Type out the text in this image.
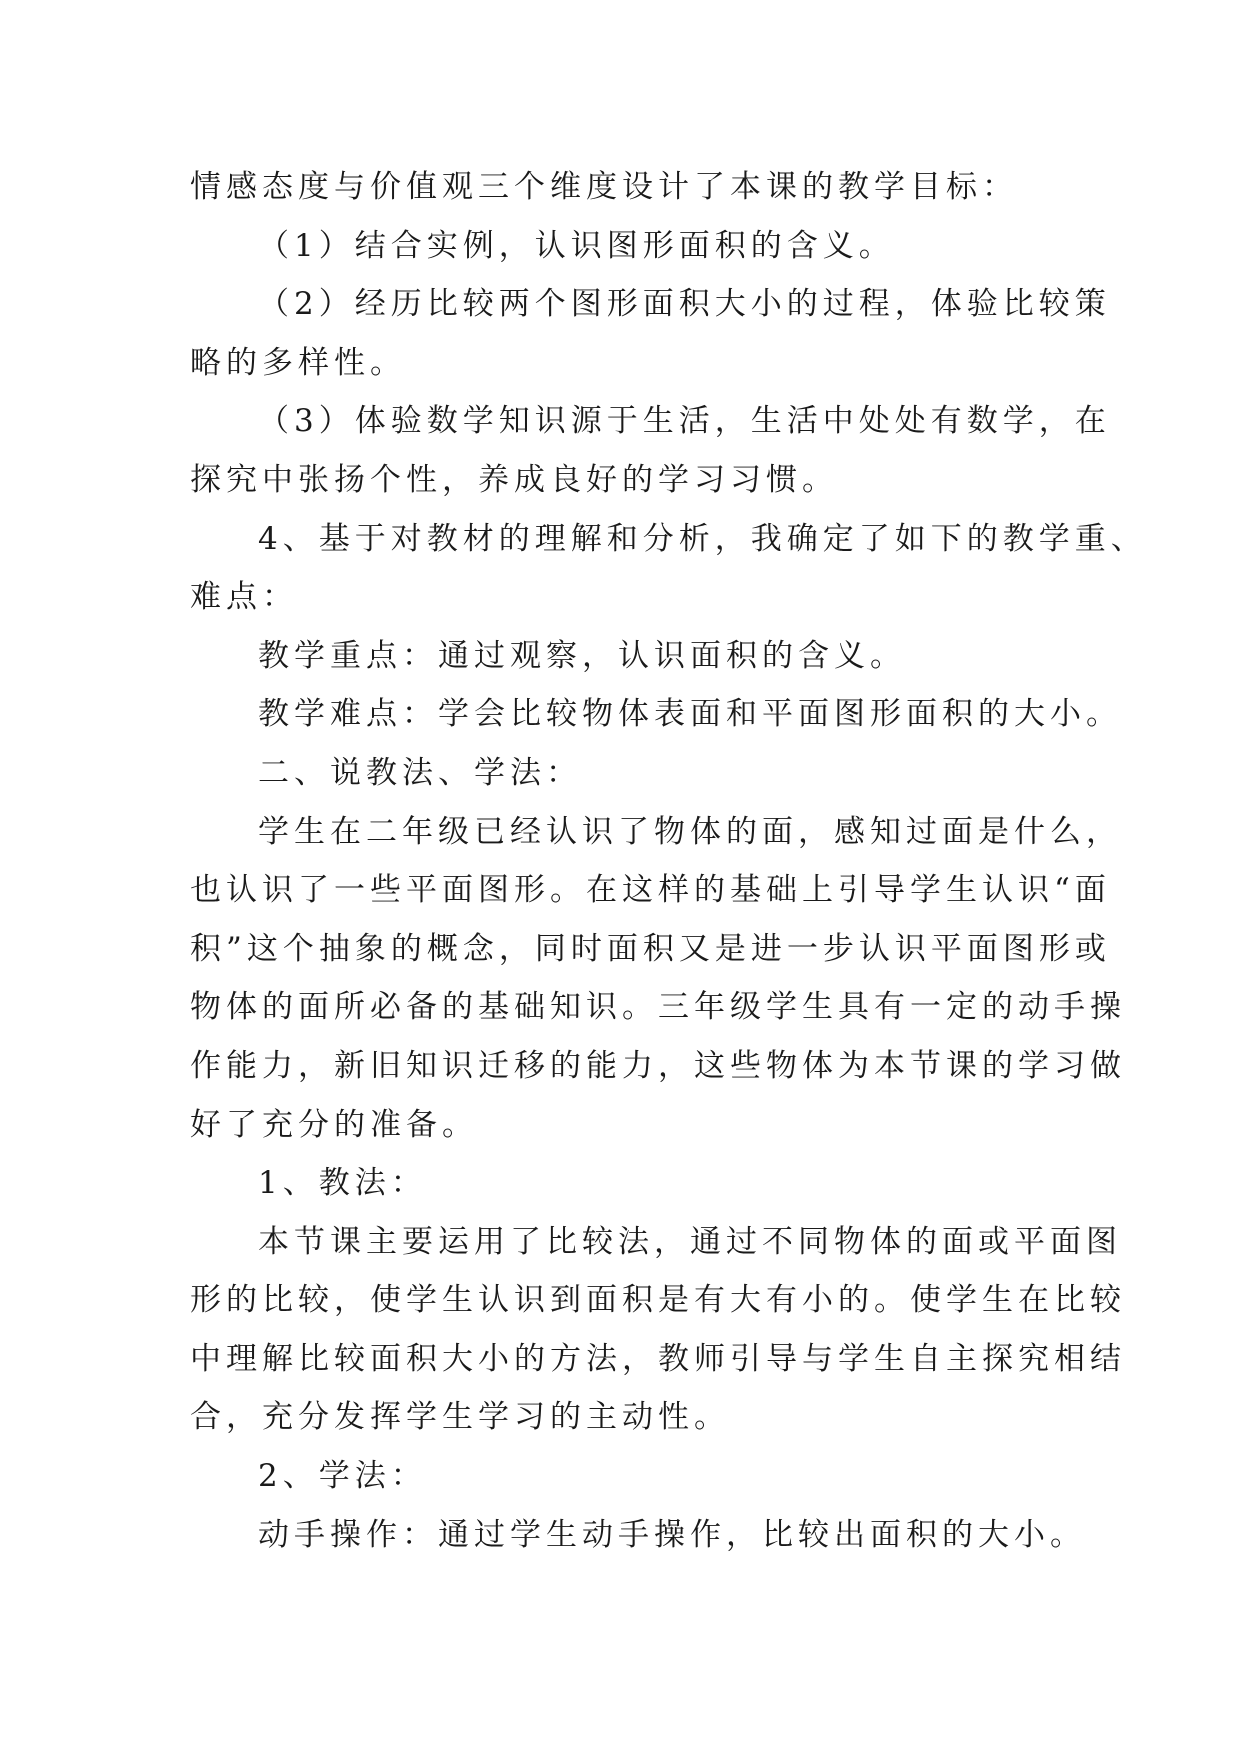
情感态度与价值观三个维度设计了本课的教学目标：

（1）结合实例，认识图形面积的含义。

（2）经历比较两个图形面积大小的过程，体验比较策

略的多样性。

（3）体验数学知识源于生活，生活中处处有数学，在

探究中张扬个性，养成良好的学习习惯。

4、基于对教材的理解和分析，我确定了如下的教学重、

难点：

教学重点：通过观察，认识面积的含义。

教学难点：学会比较物体表面和平面图形面积的大小。

二、说教法、学法：

学生在二年级已经认识了物体的面，感知过面是什么，

也认识了一些平面图形。在这样的基础上引导学生认识“面

积”这个抽象的概念，同时面积又是进一步认识平面图形或

物体的面所必备的基础知识。三年级学生具有一定的动手操

作能力，新旧知识迁移的能力，这些物体为本节课的学习做

好了充分的准备。

1、教法：

本节课主要运用了比较法，通过不同物体的面或平面图

形的比较，使学生认识到面积是有大有小的。使学生在比较

中理解比较面积大小的方法，教师引导与学生自主探究相结

合，充分发挥学生学习的主动性。

2、学法：

动手操作：通过学生动手操作，比较出面积的大小。
